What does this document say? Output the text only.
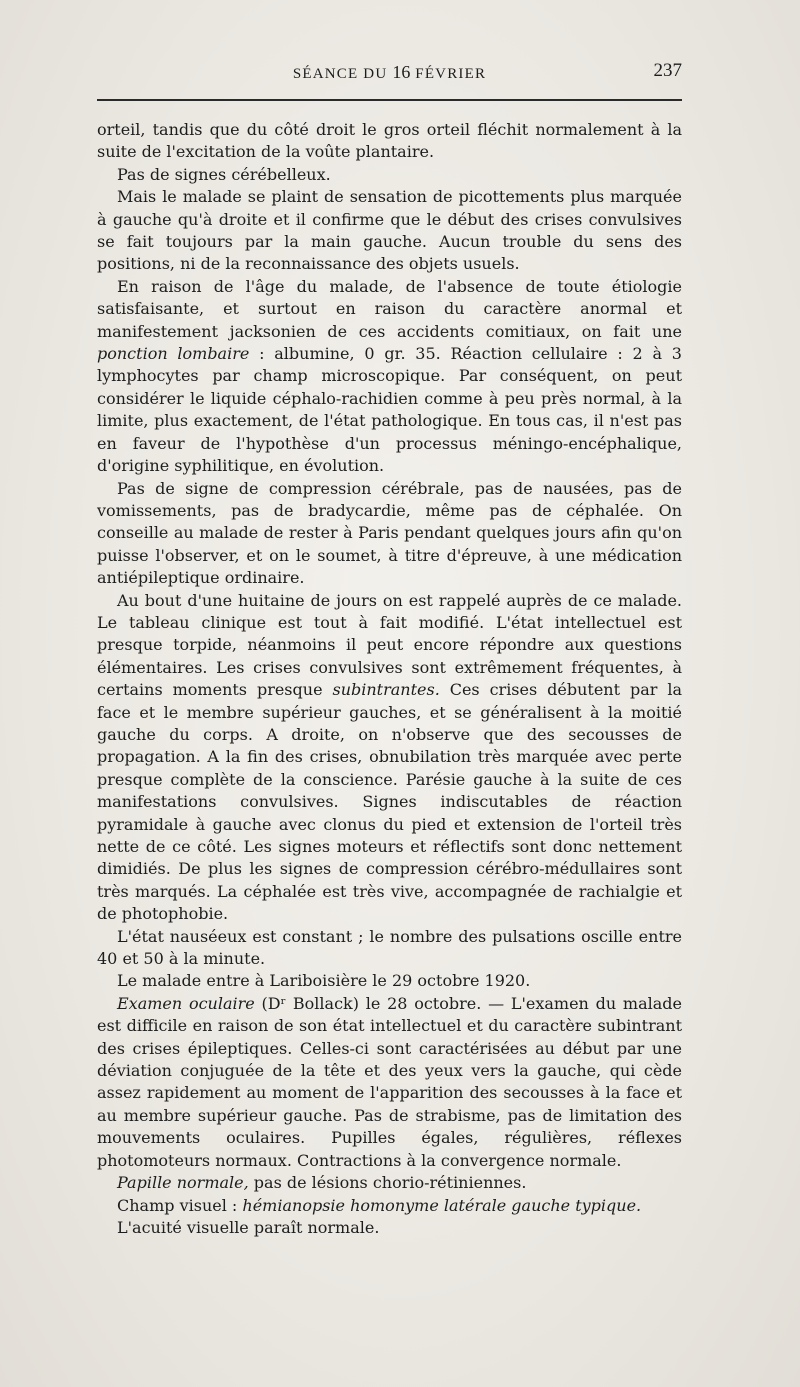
SÉANCE DU 16 FÉVRIER	237

orteil, tandis que du côté droit le gros orteil fléchit normalement à la suite de l'excitation de la voûte plantaire.

Pas de signes cérébelleux.

Mais le malade se plaint de sensation de picottements plus marquée à gauche qu'à droite et il confirme que le début des crises convulsives se fait toujours par la main gauche. Aucun trouble du sens des positions, ni de la reconnaissance des objets usuels.

En raison de l'âge du malade, de l'absence de toute étiologie satisfaisante, et surtout en raison du caractère anormal et manifestement jacksonien de ces accidents comitiaux, on fait une ponction lombaire : albumine, 0 gr. 35. Réaction cellulaire : 2 à 3 lymphocytes par champ microscopique. Par conséquent, on peut considérer le liquide céphalo-rachidien comme à peu près normal, à la limite, plus exactement, de l'état pathologique. En tous cas, il n'est pas en faveur de l'hypothèse d'un processus méningo-encéphalique, d'origine syphilitique, en évolution.

Pas de signe de compression cérébrale, pas de nausées, pas de vomissements, pas de bradycardie, même pas de céphalée. On conseille au malade de rester à Paris pendant quelques jours afin qu'on puisse l'observer, et on le soumet, à titre d'épreuve, à une médication antiépileptique ordinaire.

Au bout d'une huitaine de jours on est rappelé auprès de ce malade. Le tableau clinique est tout à fait modifié. L'état intellectuel est presque torpide, néanmoins il peut encore répondre aux questions élémentaires. Les crises convulsives sont extrêmement fréquentes, à certains moments presque subintrantes. Ces crises débutent par la face et le membre supérieur gauches, et se généralisent à la moitié gauche du corps. A droite, on n'observe que des secousses de propagation. A la fin des crises, obnubilation très marquée avec perte presque complète de la conscience. Parésie gauche à la suite de ces manifestations convulsives. Signes indiscutables de réaction pyramidale à gauche avec clonus du pied et extension de l'orteil très nette de ce côté. Les signes moteurs et réflectifs sont donc nettement dimidiés. De plus les signes de compression cérébro-médullaires sont très marqués. La céphalée est très vive, accompagnée de rachialgie et de photophobie.

L'état nauséeux est constant ; le nombre des pulsations oscille entre 40 et 50 à la minute.

Le malade entre à Lariboisière le 29 octobre 1920.

Examen oculaire (Dʳ Bollack) le 28 octobre. — L'examen du malade est difficile en raison de son état intellectuel et du caractère subintrant des crises épileptiques. Celles-ci sont caractérisées au début par une déviation conjuguée de la tête et des yeux vers la gauche, qui cède assez rapidement au moment de l'apparition des secousses à la face et au membre supérieur gauche. Pas de strabisme, pas de limitation des mouvements oculaires. Pupilles égales, régulières, réflexes photomoteurs normaux. Contractions à la convergence normale.

Papille normale, pas de lésions chorio-rétiniennes.

Champ visuel : hémianopsie homonyme latérale gauche typique.

L'acuité visuelle paraît normale.
